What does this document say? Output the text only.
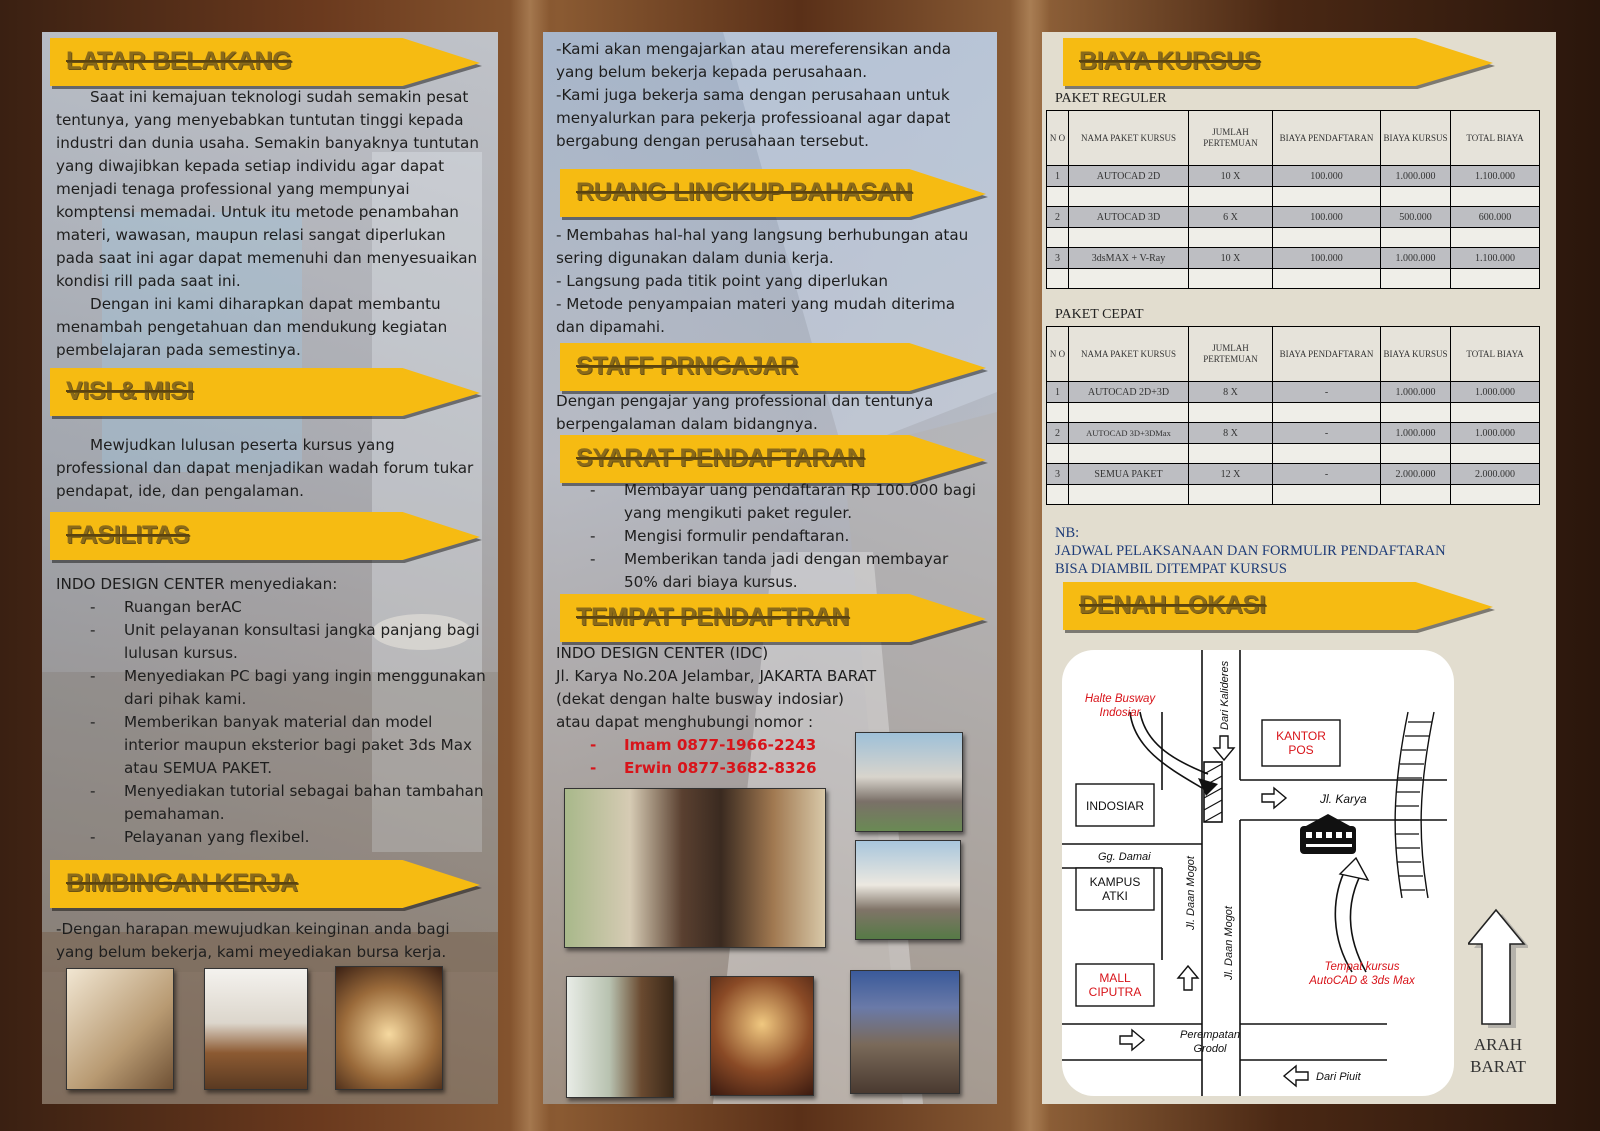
LATAR BELAKANG

Saat ini kemajuan teknologi sudah semakin pesat tentunya, yang menyebabkan tuntutan tinggi kepada industri dan dunia usaha. Semakin banyaknya tuntutan yang diwajibkan kepada setiap individu agar dapat menjadi tenaga professional yang mempunyai komptensi memadai. Untuk itu metode penambahan materi, wawasan, maupun relasi sangat diperlukan pada saat ini agar dapat memenuhi dan menyesuaikan kondisi rill pada saat ini.

Dengan ini kami diharapkan dapat membantu menambah pengetahuan dan mendukung kegiatan pembelajaran pada semestinya.

VISI & MISI
Mewjudkan lulusan peserta kursus yang professional dan dapat menjadikan wadah forum tukar pendapat, ide, dan pengalaman.
FASILITAS

INDO DESIGN CENTER menyediakan:

- Ruangan berAC
- Unit pelayanan konsultasi jangka panjang bagi lulusan kursus.
- Menyediakan PC bagi yang ingin menggunakan dari pihak kami.
- Memberikan banyak material dan model interior maupun eksterior bagi paket 3ds Max atau SEMUA PAKET.
- Menyediakan tutorial sebagai bahan tambahan pemahaman.
- Pelayanan yang flexibel.
BIMBINGAN KERJA
-Dengan harapan mewujudkan keinginan anda bagi yang belum bekerja, kami meyediakan bursa kerja.

-Kami akan mengajarkan atau mereferensikan anda yang belum bekerja kepada perusahaan.

-Kami juga bekerja sama dengan perusahaan untuk menyalurkan para pekerja professioanal agar dapat bergabung dengan perusahaan tersebut.

RUANG LINGKUP BAHASAN

- Membahas hal-hal yang langsung berhubungan atau sering digunakan dalam dunia kerja.

- Langsung pada titik point yang diperlukan

- Metode penyampaian materi yang mudah diterima dan dipamahi.

STAFF PRNGAJAR
Dengan pengajar yang professional dan tentunya berpengalaman dalam bidangnya.
SYARAT PENDAFTARAN
- Membayar uang pendaftaran Rp 100.000 bagi yang mengikuti paket reguler.
- Mengisi formulir pendaftaran.
- Memberikan tanda jadi dengan membayar 50% dari biaya kursus.
TEMPAT PENDAFTRAN

INDO DESIGN CENTER (IDC)

Jl. Karya No.20A Jelambar, JAKARTA BARAT

(dekat dengan halte busway indosiar)

atau dapat menghubungi nomor :

- Imam 0877-1966-2243
- Erwin 0877-3682-8326
BIAYA KURSUS
PAKET REGULER
N O	NAMA PAKET KURSUS	JUMLAH PERTEMUAN	BIAYA PENDAFTARAN	BIAYA KURSUS	TOTAL BIAYA
1	AUTOCAD 2D	10 X	100.000	1.000.000	1.100.000

2	AUTOCAD 3D	6 X	100.000	500.000	600.000

3	3dsMAX + V-Ray	10 X	100.000	1.000.000	1.100.000

PAKET CEPAT
N O	NAMA PAKET KURSUS	JUMLAH PERTEMUAN	BIAYA PENDAFTARAN	BIAYA KURSUS	TOTAL BIAYA
1	AUTOCAD 2D+3D	8 X	-	1.000.000	1.000.000

2	AUTOCAD 3D+3DMax	8 X	-	1.000.000	1.000.000

3	SEMUA PAKET	12 X	-	2.000.000	2.000.000

NB:
JADWAL PELAKSANAAN DAN FORMULIR PENDAFTARAN
BISA DIAMBIL DITEMPAT KURSUS
DENAH LOKASI
Halte Busway
Indosiar	Dari Kalideres
KANTOR
POS
INDOSIAR	Jl. Karya
Gg. Damai
KAMPUS
ATKI	Jl. Daan Mogot
Jl. Daan Mogot
MALL
CIPUTRA
Tempat kursus
AutoCAD & 3ds Max
Perempatan
Grodol
Dari Piuit
ARAH
BARAT
